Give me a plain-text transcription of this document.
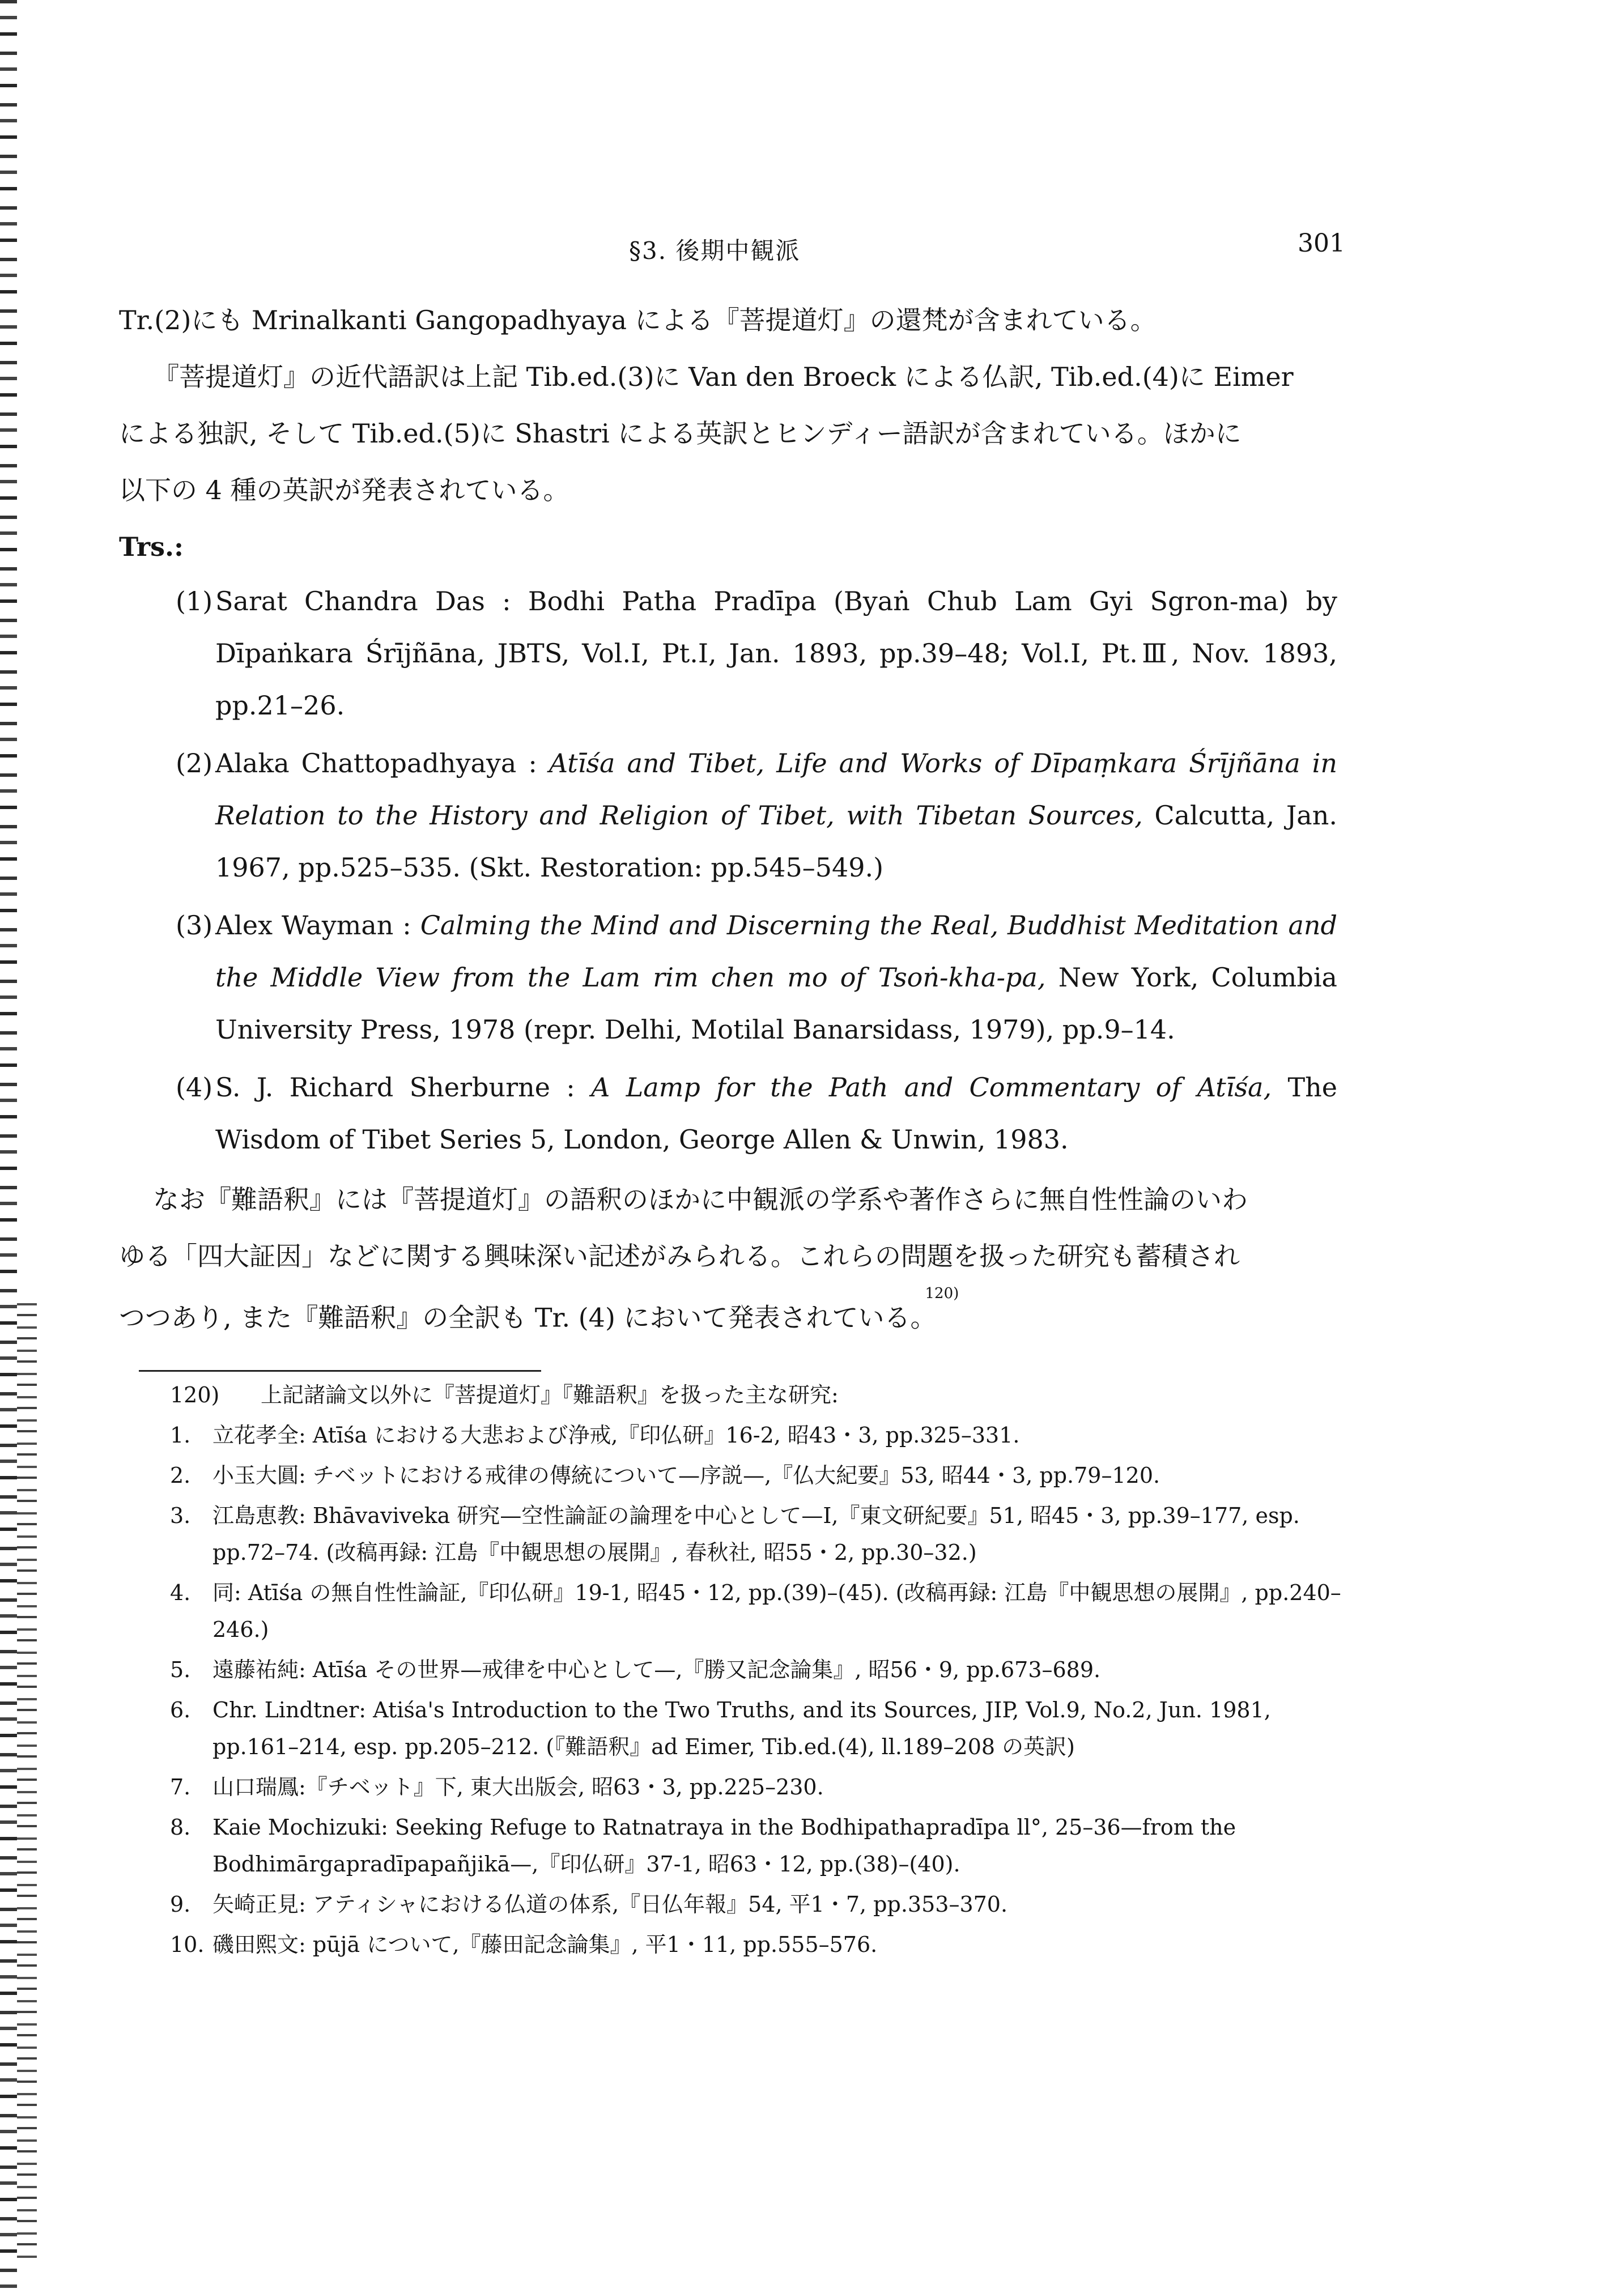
§3. 後期中観派	301

Tr.(2)にも Mrinalkanti Gangopadhyaya による『菩提道灯』の還梵が含まれている。

『菩提道灯』の近代語訳は上記 Tib.ed.(3)に Van den Broeck による仏訳, Tib.ed.(4)に Eimer

による独訳, そして Tib.ed.(5)に Shastri による英訳とヒンディー語訳が含まれている。ほかに

以下の 4 種の英訳が発表されている。

Trs.:

(1) Sarat Chandra Das : Bodhi Patha Pradīpa (Byaṅ Chub Lam Gyi Sgron-ma) by Dīpaṅkara Śrījñāna, JBTS, Vol.I, Pt.I, Jan. 1893, pp.39–48; Vol.I, Pt.Ⅲ, Nov. 1893, pp.21–26.
(2) Alaka Chattopadhyaya : Atīśa and Tibet, Life and Works of Dīpaṃkara Śrījñāna in Relation to the History and Religion of Tibet, with Tibetan Sources, Calcutta, Jan. 1967, pp.525–535. (Skt. Restoration: pp.545–549.)
(3) Alex Wayman : Calming the Mind and Discerning the Real, Buddhist Meditation and the Middle View from the Lam rim chen mo of Tsoṅ-kha-pa, New York, Columbia University Press, 1978 (repr. Delhi, Motilal Banarsidass, 1979), pp.9–14.
(4) S. J. Richard Sherburne : A Lamp for the Path and Commentary of Atīśa, The Wisdom of Tibet Series 5, London, George Allen & Unwin, 1983.

なお『難語釈』には『菩提道灯』の語釈のほかに中観派の学系や著作さらに無自性性論のいわ

ゆる「四大証因」などに関する興味深い記述がみられる。これらの問題を扱った研究も蓄積され

つつあり, また『難語釈』の全訳も Tr. (4) において発表されている。$^{120)}$

120) 上記諸論文以外に『菩提道灯』『難語釈』を扱った主な研究:

1. 立花孝全: Atīśa における大悲および浄戒,『印仏研』16-2, 昭43・3, pp.325–331.
2. 小玉大圓: チベットにおける戒律の傳統について—序説—,『仏大紀要』53, 昭44・3, pp.79–120.
3. 江島恵教: Bhāvaviveka 研究—空性論証の論理を中心として—Ⅰ,『東文研紀要』51, 昭45・3, pp.39–177, esp. pp.72–74. (改稿再録: 江島『中観思想の展開』, 春秋社, 昭55・2, pp.30–32.)
4. 同: Atīśa の無自性性論証,『印仏研』19-1, 昭45・12, pp.(39)–(45). (改稿再録: 江島『中観思想の展開』, pp.240–246.)
5. 遠藤祐純: Atīśa その世界—戒律を中心として—,『勝又記念論集』, 昭56・9, pp.673–689.
6. Chr. Lindtner: Atiśa's Introduction to the Two Truths, and its Sources, JIP, Vol.9, No.2, Jun. 1981, pp.161–214, esp. pp.205–212. (『難語釈』ad Eimer, Tib.ed.(4), ll.189–208 の英訳)
7. 山口瑞鳳:『チベット』下, 東大出版会, 昭63・3, pp.225–230.
8. Kaie Mochizuki: Seeking Refuge to Ratnatraya in the Bodhipathapradīpa ll°, 25–36—from the Bodhimārgapradīpapañjikā—,『印仏研』37-1, 昭63・12, pp.(38)–(40).
9. 矢崎正見: アティシャにおける仏道の体系,『日仏年報』54, 平1・7, pp.353–370.
10. 磯田熙文: pūjā について,『藤田記念論集』, 平1・11, pp.555–576.
